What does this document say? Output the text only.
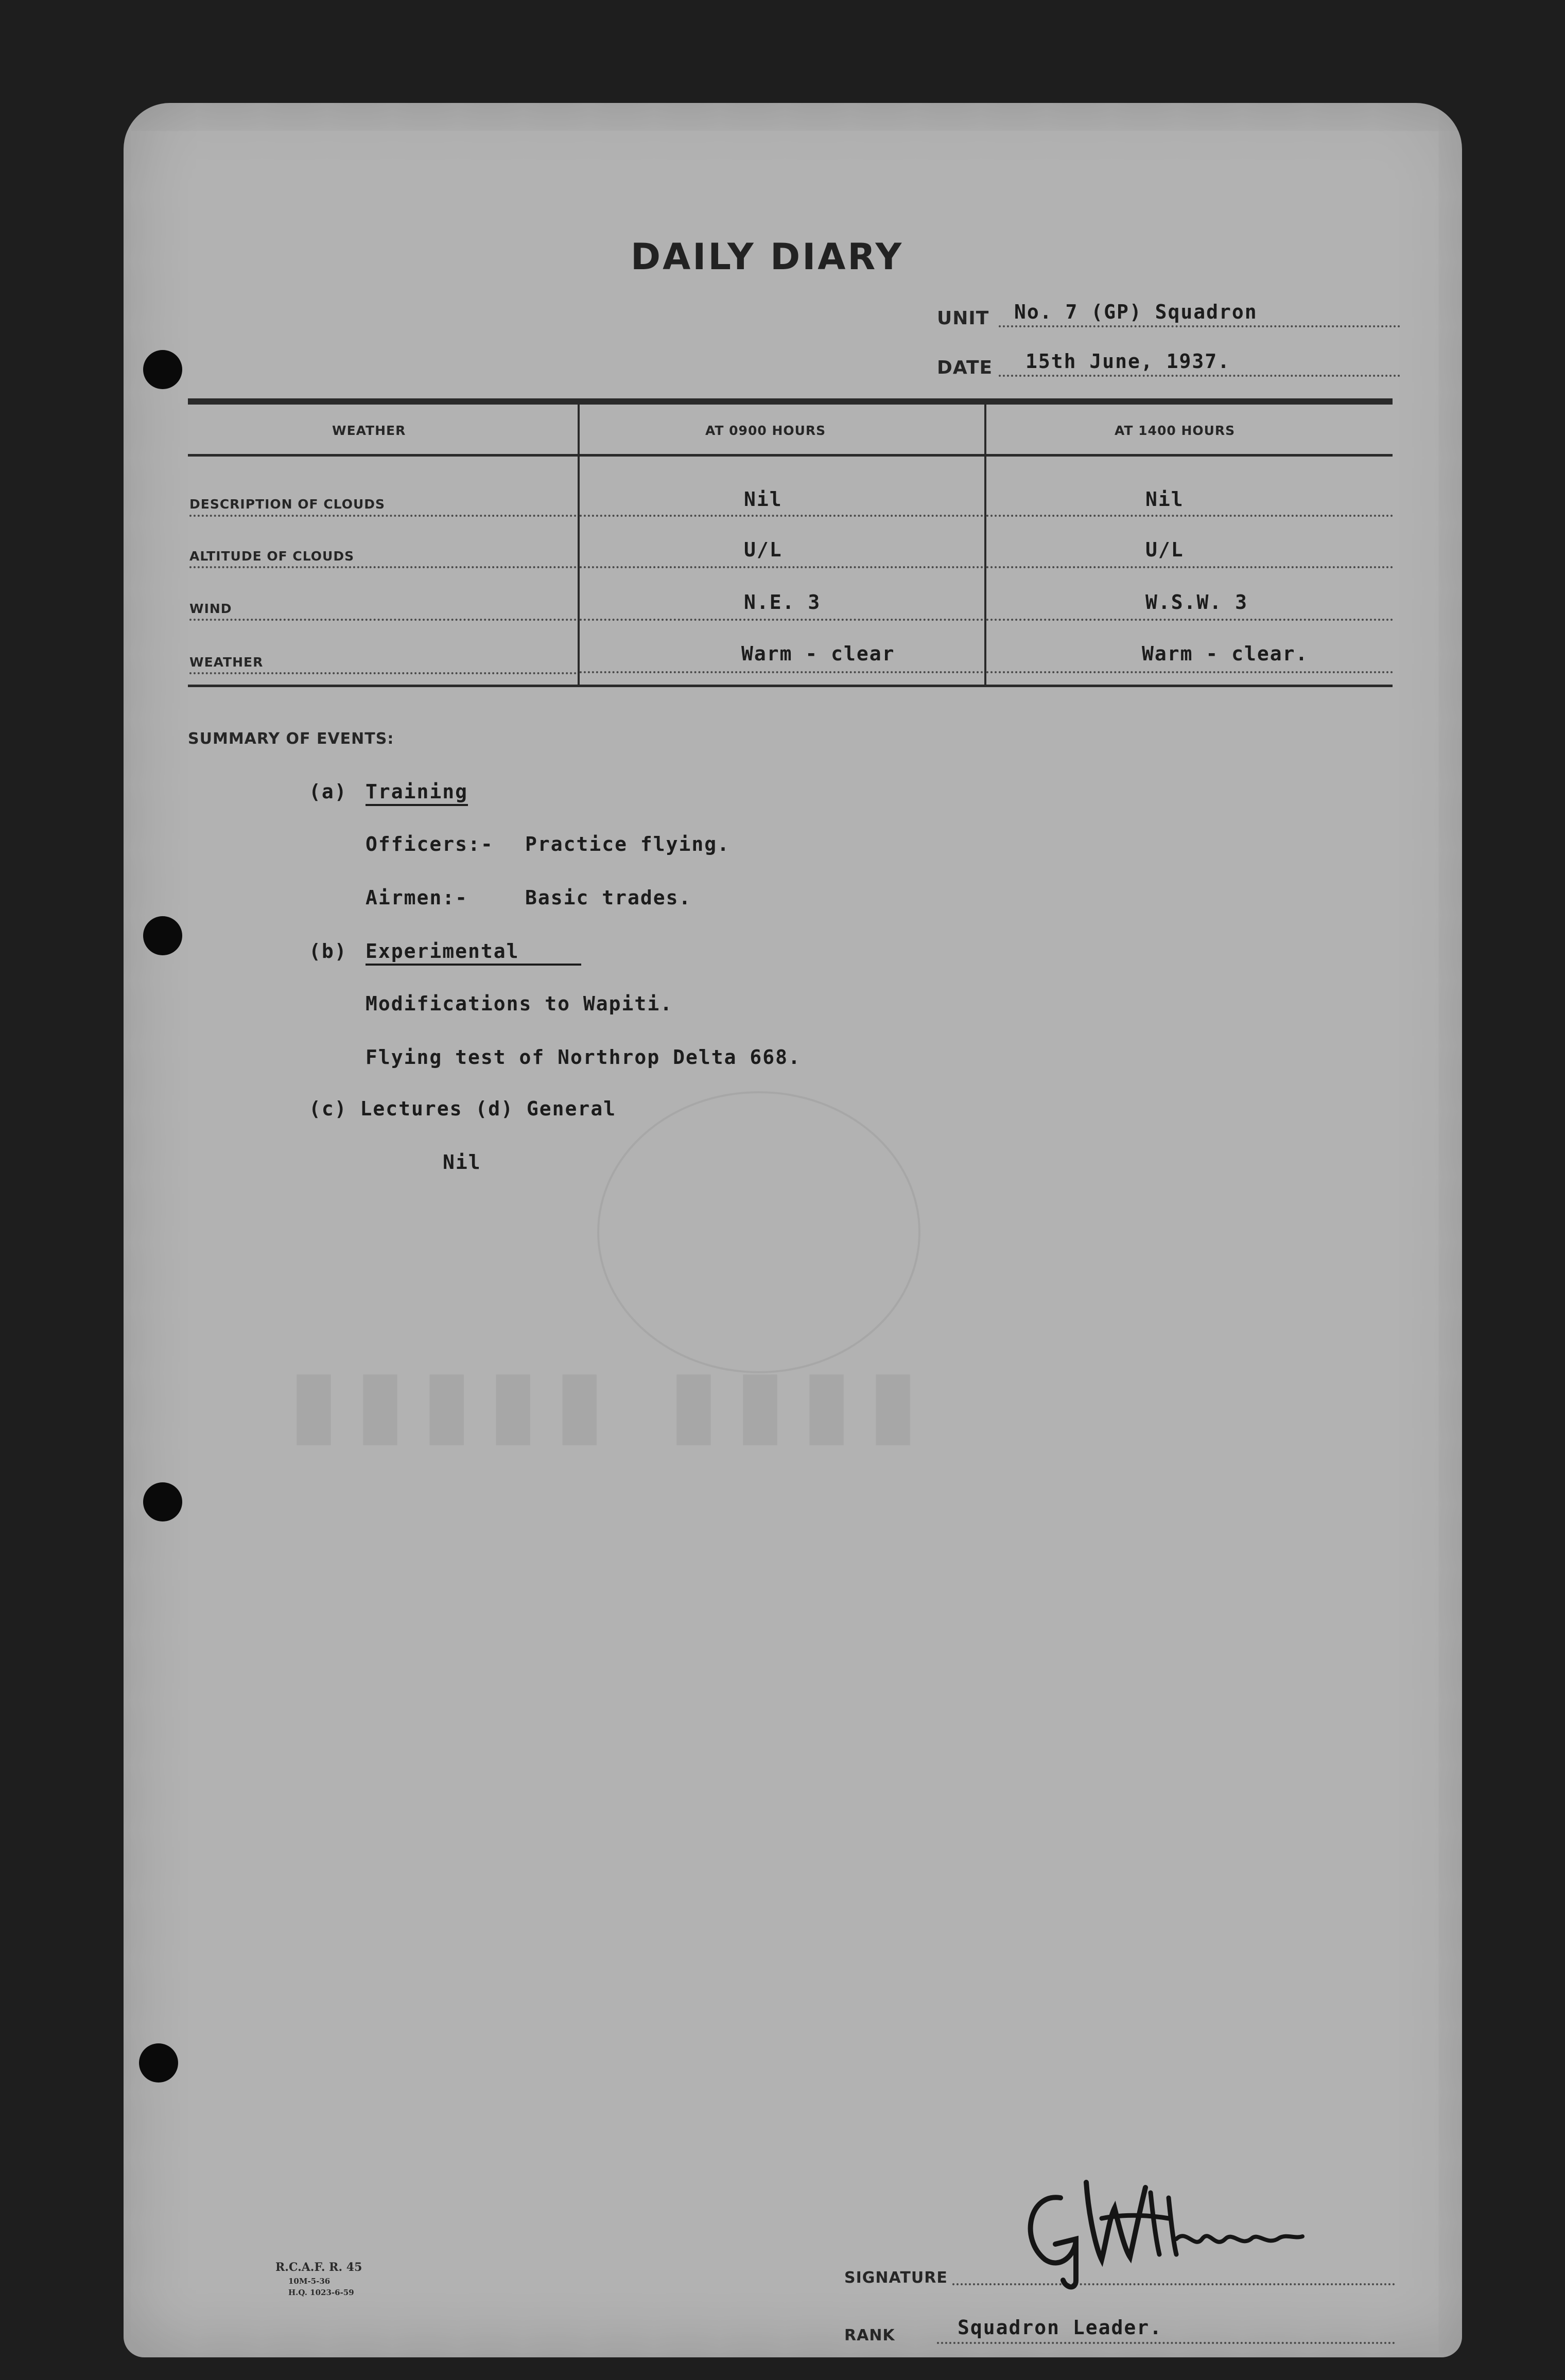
▮▮▮▮▮ ▮▮▮▮
DAILY DIARY
UNIT No. 7 (GP) Squadron
DATE 15th June, 1937.
WEATHER	AT 0900 HOURS	AT 1400 HOURS
DESCRIPTION OF CLOUDS	Nil	Nil
ALTITUDE OF CLOUDS	U/L	U/L
WIND	N.E. 3	W.S.W. 3
WEATHER	Warm - clear	Warm - clear.
SUMMARY OF EVENTS:
(a) Training
Officers:- Practice flying.
Airmen:-	Basic trades.
(b) Experimental
Modifications to Wapiti.
Flying test of Northrop Delta 668.
(c) Lectures (d) General
Nil
R.C.A.F. R. 45
10M-5-36
H.Q. 1023-6-59
SIGNATURE
RANK	Squadron Leader.
